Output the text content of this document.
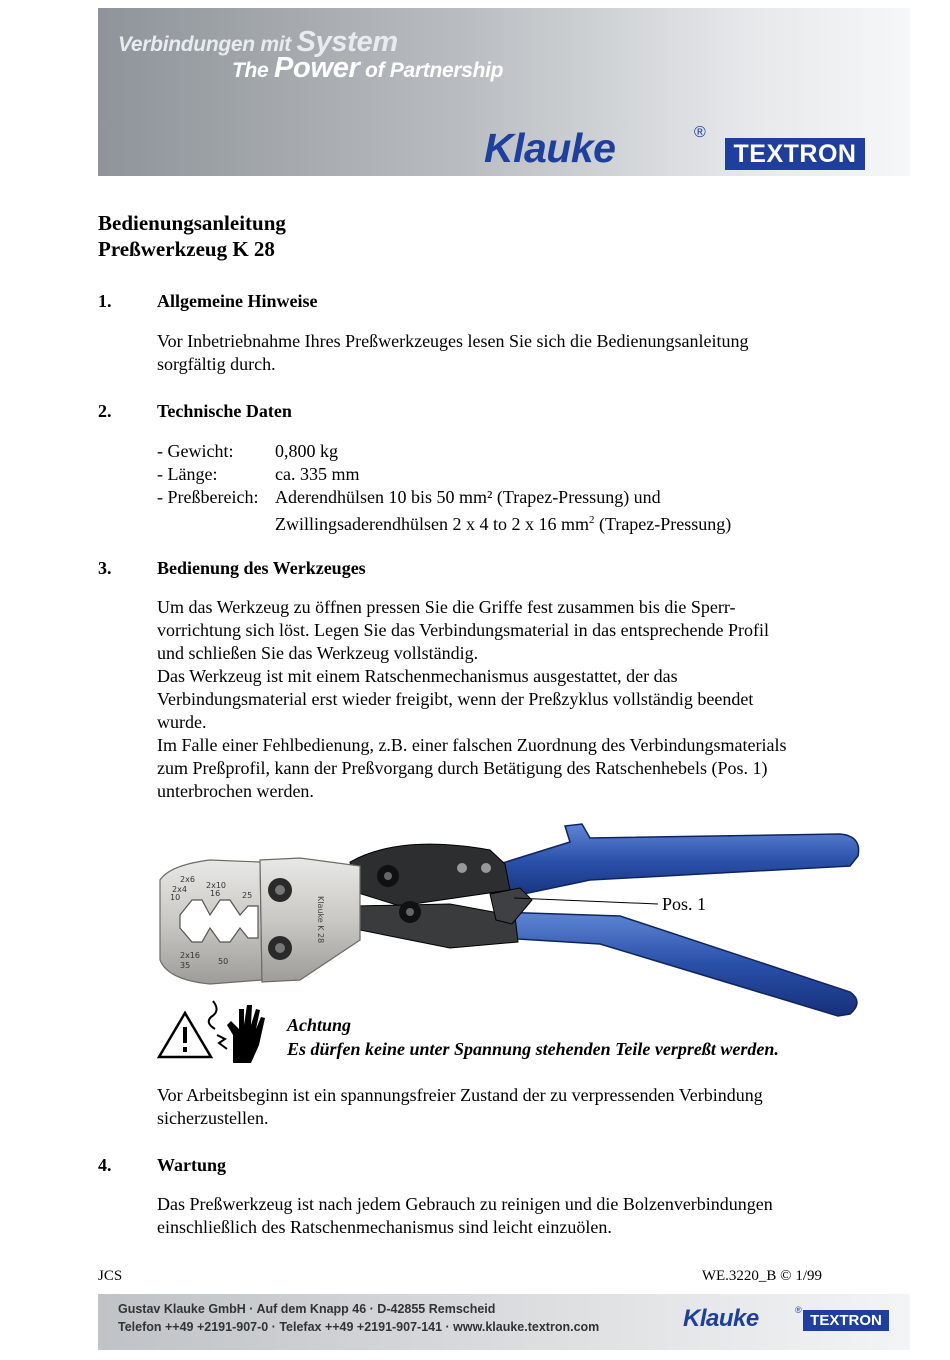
Verbindungen mit System
The Power of Partnership
Klauke	®
TEXTRON
Bedienungsanleitung
Preßwerkzeug K 28
1.	Allgemeine Hinweise
Vor Inbetriebnahme Ihres Preßwerkzeuges lesen Sie sich die Bedienungsanleitung
sorgfältig durch.
2.	Technische Daten
- Gewicht: 0,800 kg
- Länge:	ca. 335 mm
- Preßbereich: Aderendhülsen 10 bis 50 mm² (Trapez-Pressung) und
Zwillingsaderendhülsen 2 x 4 to 2 x 16 $mm^2$ (Trapez-Pressung)
3.	Bedienung des Werkzeuges
Um das Werkzeug zu öffnen pressen Sie die Griffe fest zusammen bis die Sperr-
vorrichtung sich löst. Legen Sie das Verbindungsmaterial in das entsprechende Profil
und schließen Sie das Werkzeug vollständig.
Das Werkzeug ist mit einem Ratschenmechanismus ausgestattet, der das
Verbindungsmaterial erst wieder freigibt, wenn der Preßzyklus vollständig beendet
wurde.
Im Falle einer Fehlbedienung, z.B. einer falschen Zuordnung des Verbindungsmaterials
zum Preßprofil, kann der Preßvorgang durch Betätigung des Ratschenhebels (Pos. 1)
unterbrochen werden.
2x6
2x4
10
2x10
16	25
2x16
35	50
Klauke K 28	Pos. 1
Achtung
Es dürfen keine unter Spannung stehenden Teile verpreßt werden.
Vor Arbeitsbeginn ist ein spannungsfreier Zustand der zu verpressenden Verbindung
sicherzustellen.
4.	Wartung
Das Preßwerkzeug ist nach jedem Gebrauch zu reinigen und die Bolzenverbindungen
einschließlich des Ratschenmechanismus sind leicht einzuölen.
JCS	WE.3220_B © 1/99
Gustav Klauke GmbH · Auf dem Knapp 46 · D-42855 Remscheid
Telefon ++49 +2191-907-0 · Telefax ++49 +2191-907-141 · www.klauke.textron.com	Klauke	®
TEXTRON
